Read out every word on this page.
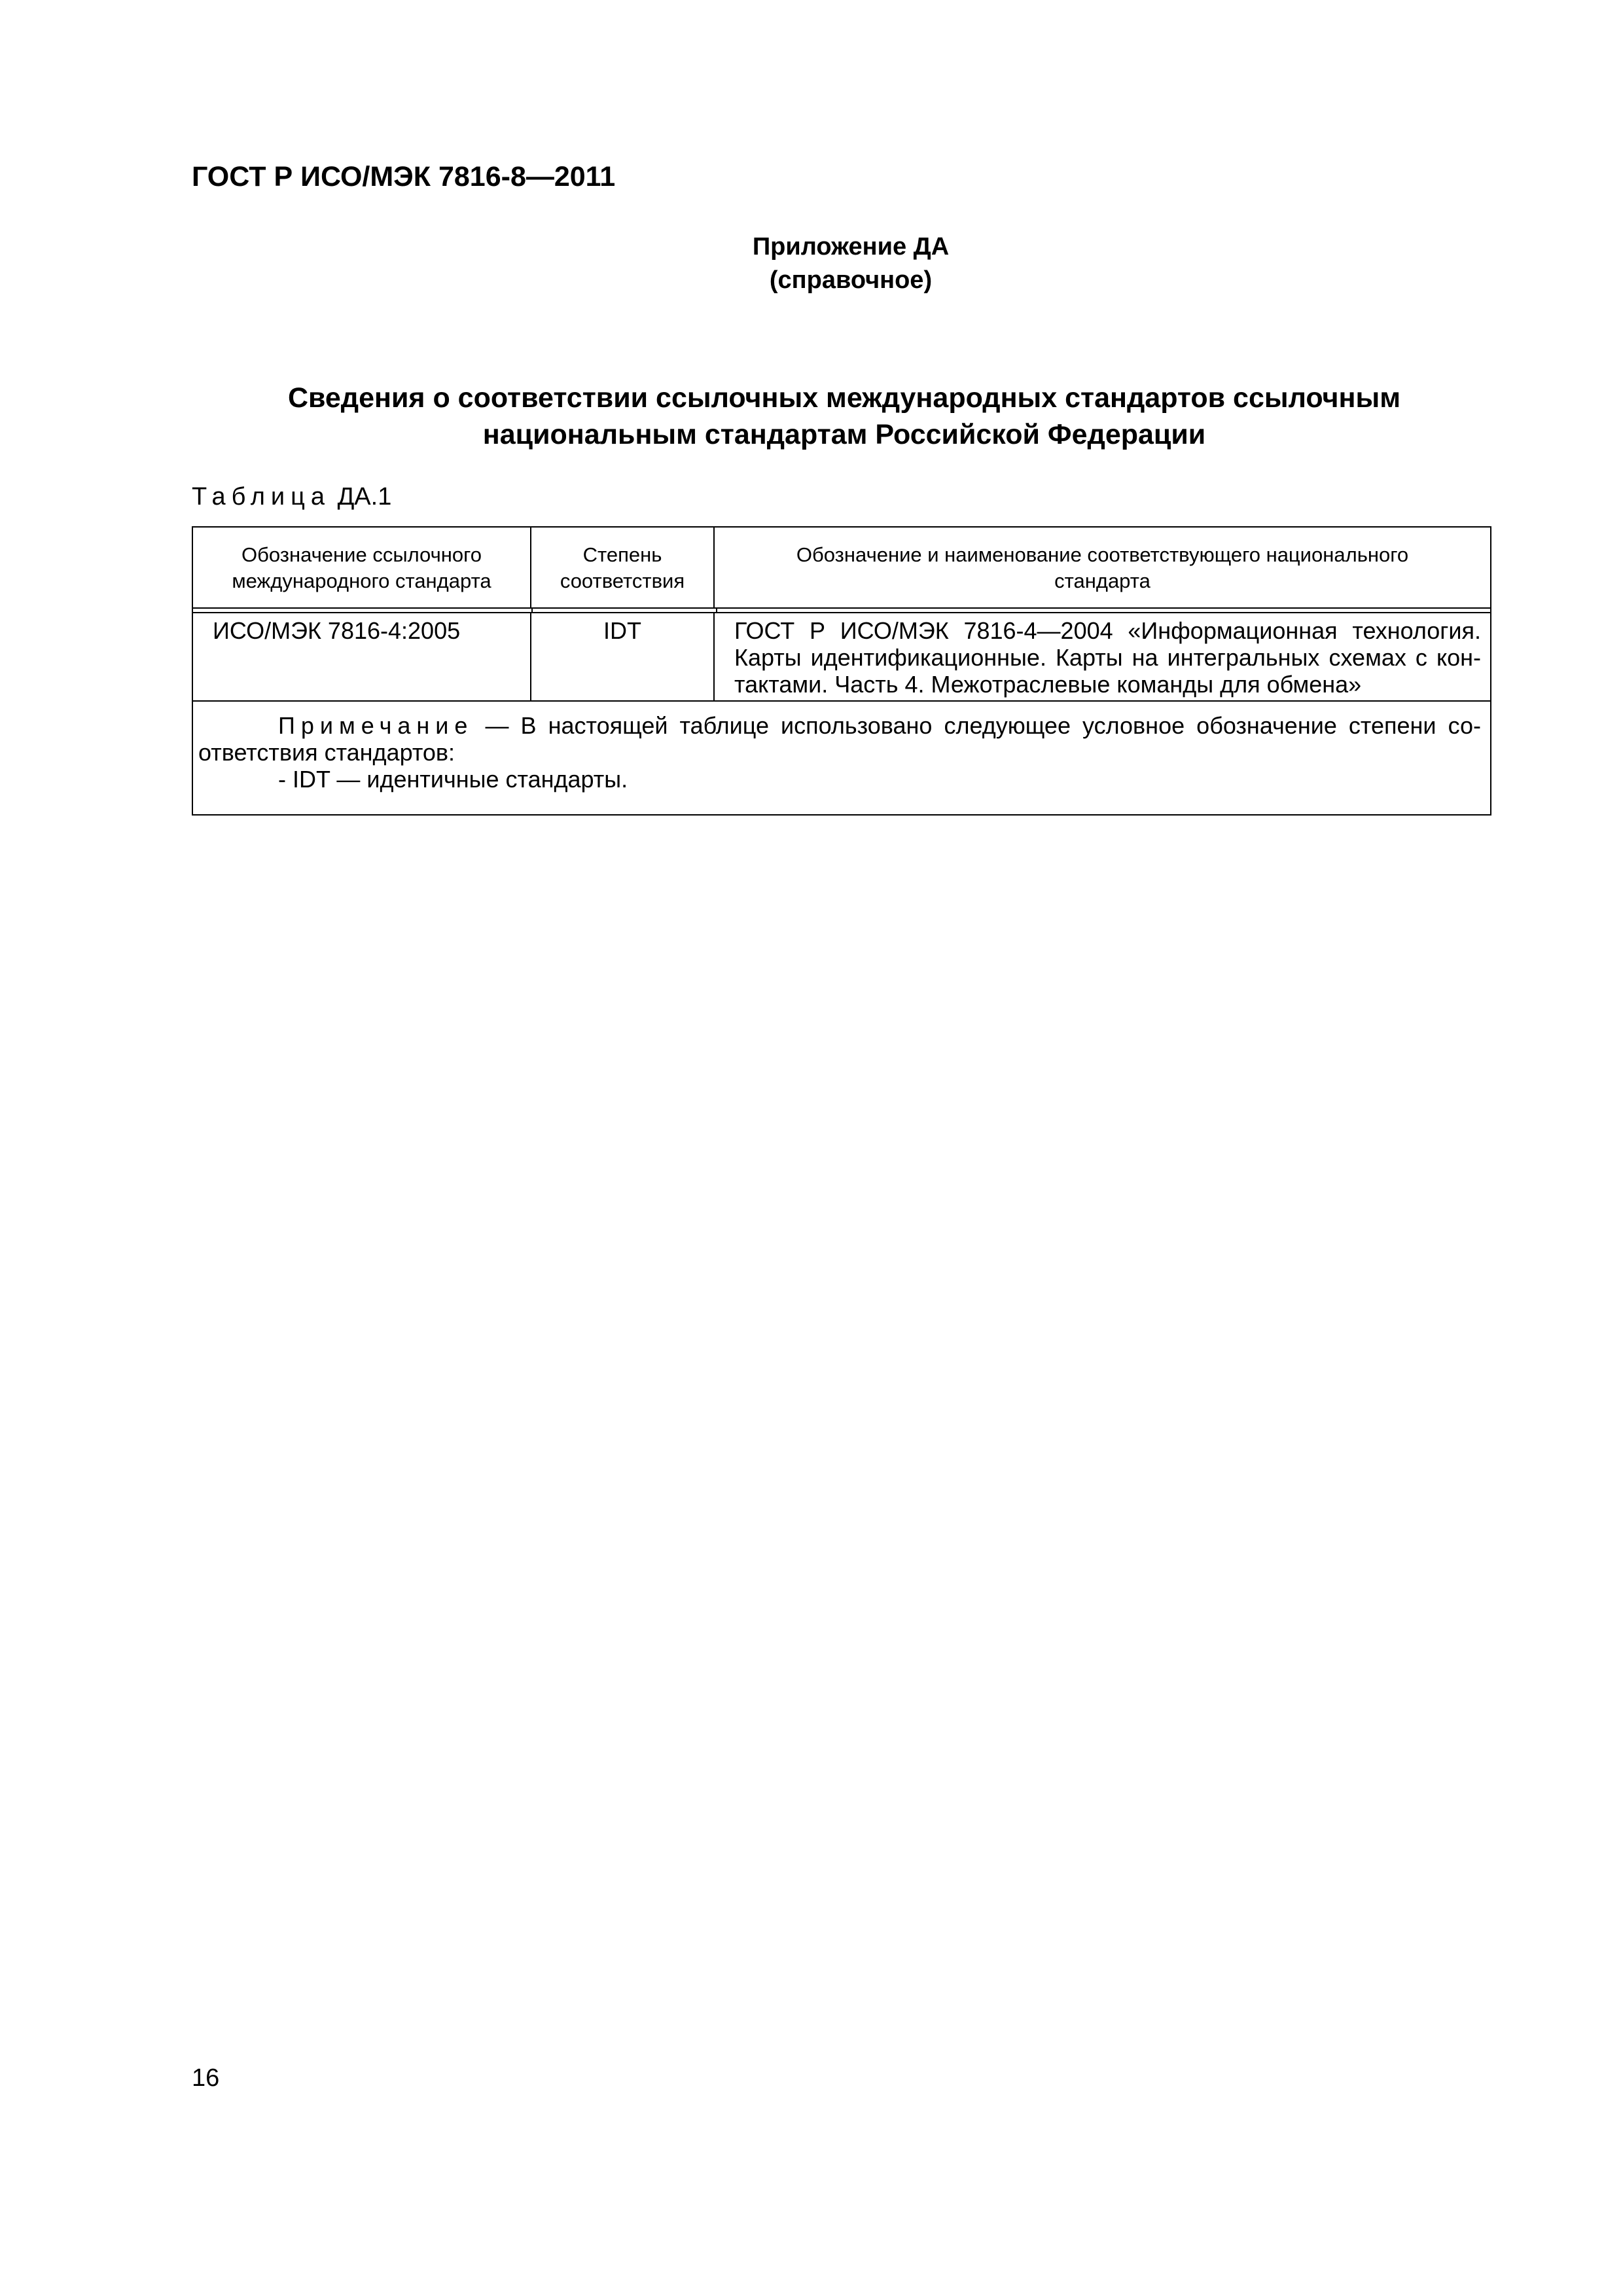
ГОСТ Р ИСО/МЭК 7816-8—2011
Приложение ДА
(справочное)
Сведения о соответствии ссылочных международных стандартов ссылочным
национальным стандартам Российской Федерации
Таблица ДА.1
Обозначение ссылочного
международного стандарта
Степень
соответствия
Обозначение и наименование соответствующего национального
стандарта
ИСО/МЭК 7816-4:2005	IDT	ГОСТ Р ИСО/МЭК 7816-4—2004 «Информационная технология.
Карты идентификационные. Карты на интегральных схемах с кон-
тактами. Часть 4. Межотраслевые команды для обмена»
Примечание — В настоящей таблице использовано следующее условное обозначение степени со-
ответствия стандартов:
- IDT — идентичные стандарты.
16
